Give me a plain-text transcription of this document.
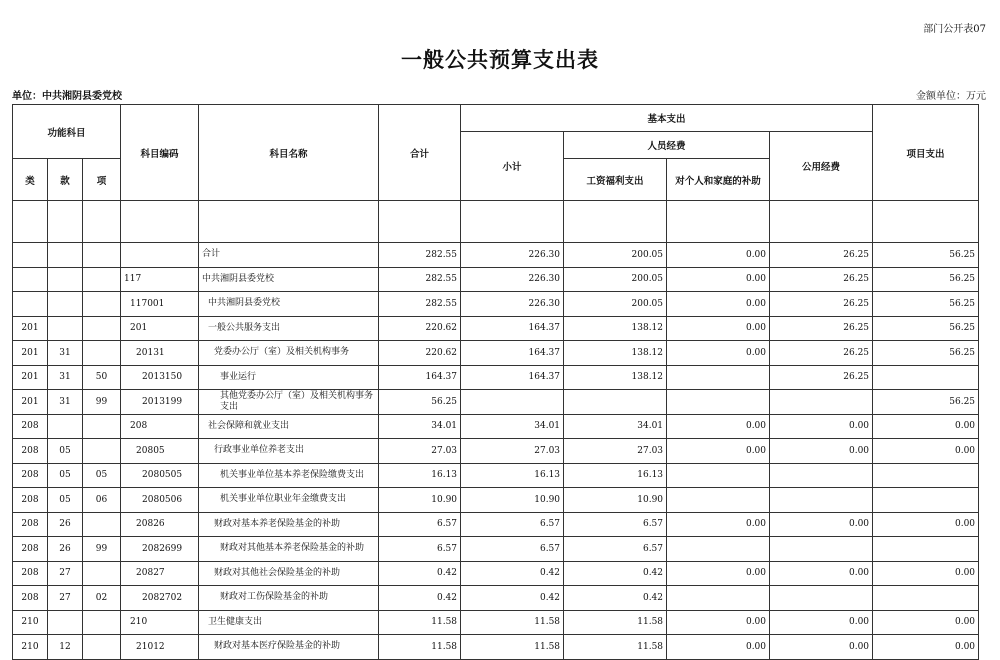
部门公开表07
一般公共预算支出表
单位：中共湘阴县委党校	金额单位：万元
功能科目			科目编码	科目名称	合计	基本支出				项目支出
						小计	人员经费		公用经费	
类	款	项					工资福利支出	对个人和家庭的补助		

				合计	282.55	226.30	200.05	0.00	26.25	56.25
			117	中共湘阴县委党校	282.55	226.30	200.05	0.00	26.25	56.25
			117001	中共湘阴县委党校	282.55	226.30	200.05	0.00	26.25	56.25
201			201	一般公共服务支出	220.62	164.37	138.12	0.00	26.25	56.25
201	31		20131	党委办公厅（室）及相关机构事务	220.62	164.37	138.12	0.00	26.25	56.25
201	31	50	2013150	事业运行	164.37	164.37	138.12		26.25	
201	31	99	2013199	其他党委办公厅（室）及相关机构事务支出	56.25					56.25
208			208	社会保障和就业支出	34.01	34.01	34.01	0.00	0.00	0.00
208	05		20805	行政事业单位养老支出	27.03	27.03	27.03	0.00	0.00	0.00
208	05	05	2080505	机关事业单位基本养老保险缴费支出	16.13	16.13	16.13			
208	05	06	2080506	机关事业单位职业年金缴费支出	10.90	10.90	10.90			
208	26		20826	财政对基本养老保险基金的补助	6.57	6.57	6.57	0.00	0.00	0.00
208	26	99	2082699	财政对其他基本养老保险基金的补助	6.57	6.57	6.57			
208	27		20827	财政对其他社会保险基金的补助	0.42	0.42	0.42	0.00	0.00	0.00
208	27	02	2082702	财政对工伤保险基金的补助	0.42	0.42	0.42			
210			210	卫生健康支出	11.58	11.58	11.58	0.00	0.00	0.00
210	12		21012	财政对基本医疗保险基金的补助	11.58	11.58	11.58	0.00	0.00	0.00
